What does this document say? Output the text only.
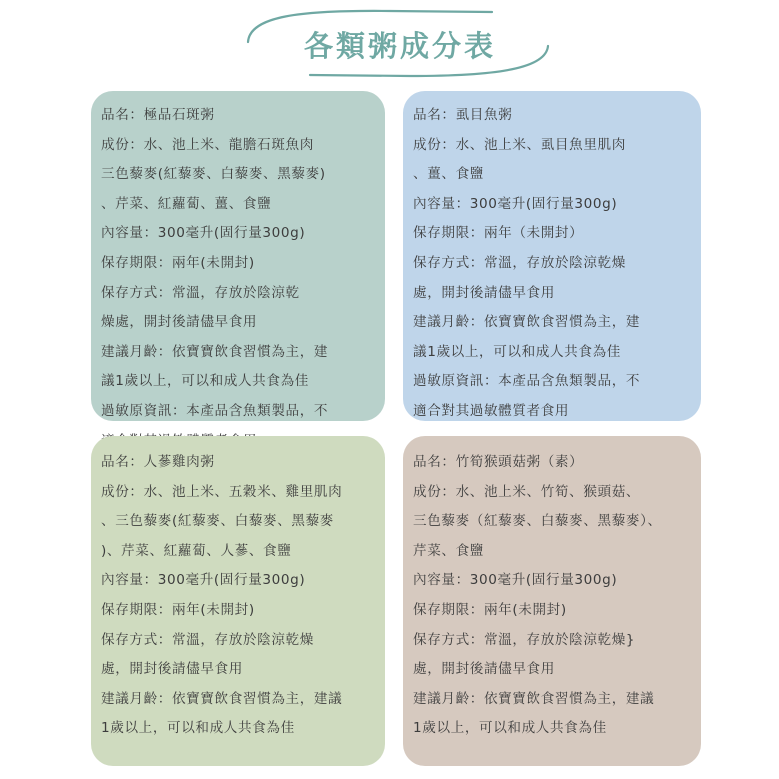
各類粥成分表
品名：極品石斑粥
成份：水、池上米、龍膽石斑魚肉
三色藜麥(紅藜麥、白藜麥、黑藜麥)
、芹菜、紅蘿蔔、薑、食鹽
內容量：300毫升(固行量300g)
保存期限：兩年(未開封)
保存方式：常溫，存放於陰涼乾
燥處，開封後請儘早食用
建議月齡：依寶寶飲食習慣為主，建
議1歲以上，可以和成人共食為佳
過敏原資訊：本產品含魚類製品，不
品名：虱目魚粥
成份：水、池上米、虱目魚里肌肉
、薑、食鹽
內容量：300毫升(固行量300g)
保存期限：兩年（未開封）
保存方式：常溫，存放於陰涼乾燥
處，開封後請儘早食用
建議月齡：依寶寶飲食習慣為主，建
議1歲以上，可以和成人共食為佳
過敏原資訊：本產品含魚類製品，不
適合對其過敏體質者食用
品名：人蔘雞肉粥
成份：水、池上米、五穀米、雞里肌肉
、三色藜麥(紅藜麥、白藜麥、黑藜麥
)、芹菜、紅蘿蔔、人蔘、食鹽
內容量：300毫升(固行量300g)
保存期限：兩年(未開封)
保存方式：常溫，存放於陰涼乾燥
處，開封後請儘早食用
建議月齡：依寶寶飲食習慣為主，建議
1歲以上，可以和成人共食為佳
品名：竹筍猴頭菇粥（素）
成份：水、池上米、竹筍、猴頭菇、
三色藜麥（紅藜麥、白藜麥、黑藜麥）、
芹菜、食鹽
內容量：300毫升(固行量300g)
保存期限：兩年(未開封)
保存方式：常溫，存放於陰涼乾燥}
處，開封後請儘早食用
建議月齡：依寶寶飲食習慣為主，建議
1歲以上，可以和成人共食為佳
